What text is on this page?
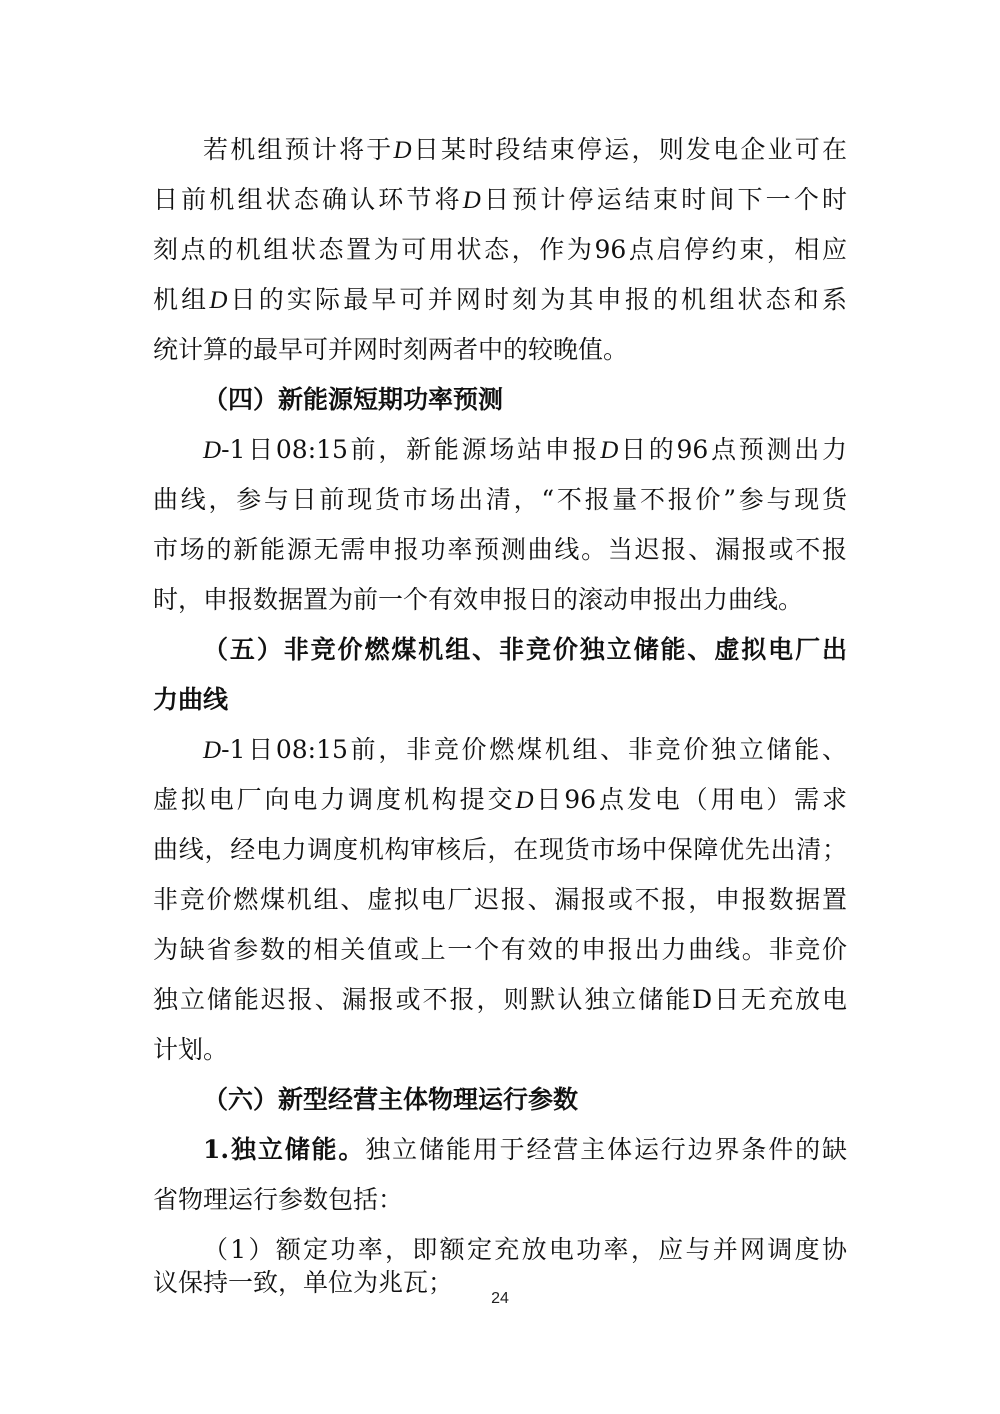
若机组预计将于D日某时段结束停运，则发电企业可在
日前机组状态确认环节将D日预计停运结束时间下一个时
刻点的机组状态置为可用状态，作为96点启停约束，相应
机组D日的实际最早可并网时刻为其申报的机组状态和系
统计算的最早可并网时刻两者中的较晚值。
（四）新能源短期功率预测
D-1日08:15前，新能源场站申报D日的96点预测出力
曲线，参与日前现货市场出清，“不报量不报价”参与现货
市场的新能源无需申报功率预测曲线。当迟报、漏报或不报
时，申报数据置为前一个有效申报日的滚动申报出力曲线。
（五）非竞价燃煤机组、非竞价独立储能、虚拟电厂出
力曲线
D-1日08:15前，非竞价燃煤机组、非竞价独立储能、
虚拟电厂向电力调度机构提交D日96点发电（用电）需求
曲线，经电力调度机构审核后，在现货市场中保障优先出清；
非竞价燃煤机组、虚拟电厂迟报、漏报或不报，申报数据置
为缺省参数的相关值或上一个有效的申报出力曲线。非竞价
独立储能迟报、漏报或不报，则默认独立储能D日无充放电
计划。
（六）新型经营主体物理运行参数
1.独立储能。独立储能用于经营主体运行边界条件的缺
省物理运行参数包括：
（1）额定功率，即额定充放电功率，应与并网调度协
议保持一致，单位为兆瓦；
24
